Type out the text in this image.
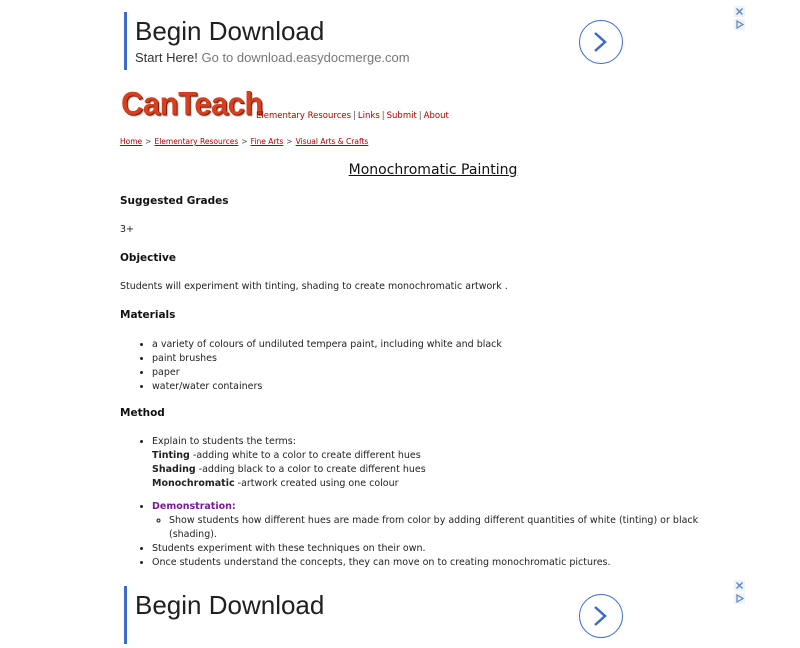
Begin Download
Start Here! Go to download.easydocmerge.com
CanTeach
Elementary Resources | Links | Submit | About
Home > Elementary Resources > Fine Arts > Visual Arts & Crafts
Monochromatic Painting
Suggested Grades
3+
Objective
Students will experiment with tinting, shading to create monochromatic artwork .
Materials
• a variety of colours of undiluted tempera paint, including white and black
• paint brushes
• paper
• water/water containers
Method
• Explain to students the terms:
Tinting -adding white to a color to create different hues
Shading -adding black to a color to create different hues
Monochromatic -artwork created using one colour
• Demonstration:
◦ Show students how different hues are made from color by adding different quantities of white (tinting) or black (shading).
• Students experiment with these techniques on their own.
• Once students understand the concepts, they can move on to creating monochromatic pictures.
Begin Download
